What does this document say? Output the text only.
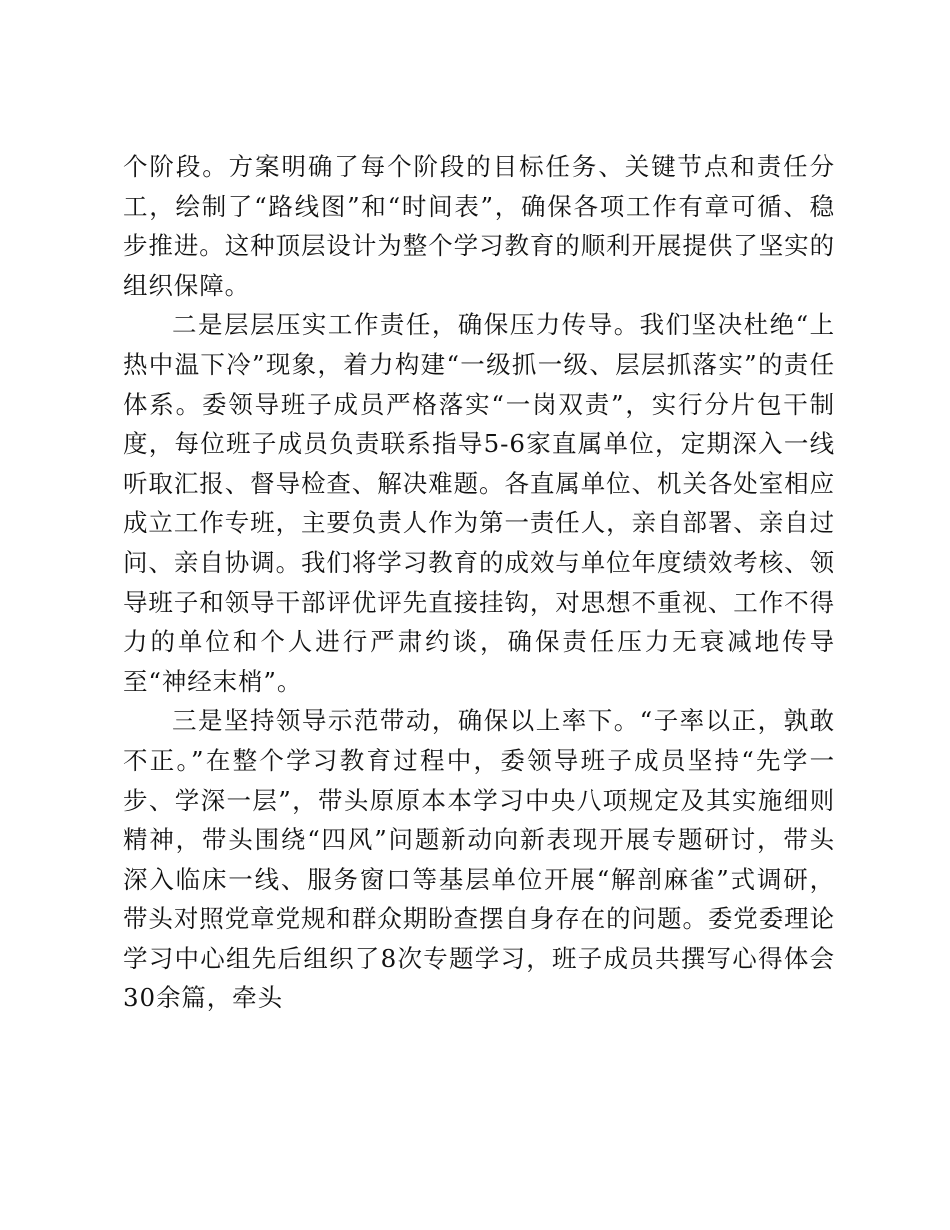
个阶段。方案明确了每个阶段的目标任务、关键节点和责任分工，绘制了“路线图”和“时间表”，确保各项工作有章可循、稳步推进。这种顶层设计为整个学习教育的顺利开展提供了坚实的组织保障。

二是层层压实工作责任，确保压力传导。我们坚决杜绝“上热中温下冷”现象，着力构建“一级抓一级、层层抓落实”的责任体系。委领导班子成员严格落实“一岗双责”，实行分片包干制度，每位班子成员负责联系指导5-6家直属单位，定期深入一线听取汇报、督导检查、解决难题。各直属单位、机关各处室相应成立工作专班，主要负责人作为第一责任人，亲自部署、亲自过问、亲自协调。我们将学习教育的成效与单位年度绩效考核、领导班子和领导干部评优评先直接挂钩，对思想不重视、工作不得力的单位和个人进行严肃约谈，确保责任压力无衰减地传导至“神经末梢”。

三是坚持领导示范带动，确保以上率下。“子率以正，孰敢不正。”在整个学习教育过程中，委领导班子成员坚持“先学一步、学深一层”，带头原原本本学习中央八项规定及其实施细则精神，带头围绕“四风”问题新动向新表现开展专题研讨，带头深入临床一线、服务窗口等基层单位开展“解剖麻雀”式调研，带头对照党章党规和群众期盼查摆自身存在的问题。委党委理论学习中心组先后组织了8次专题学习，班子成员共撰写心得体会30余篇，牵头
